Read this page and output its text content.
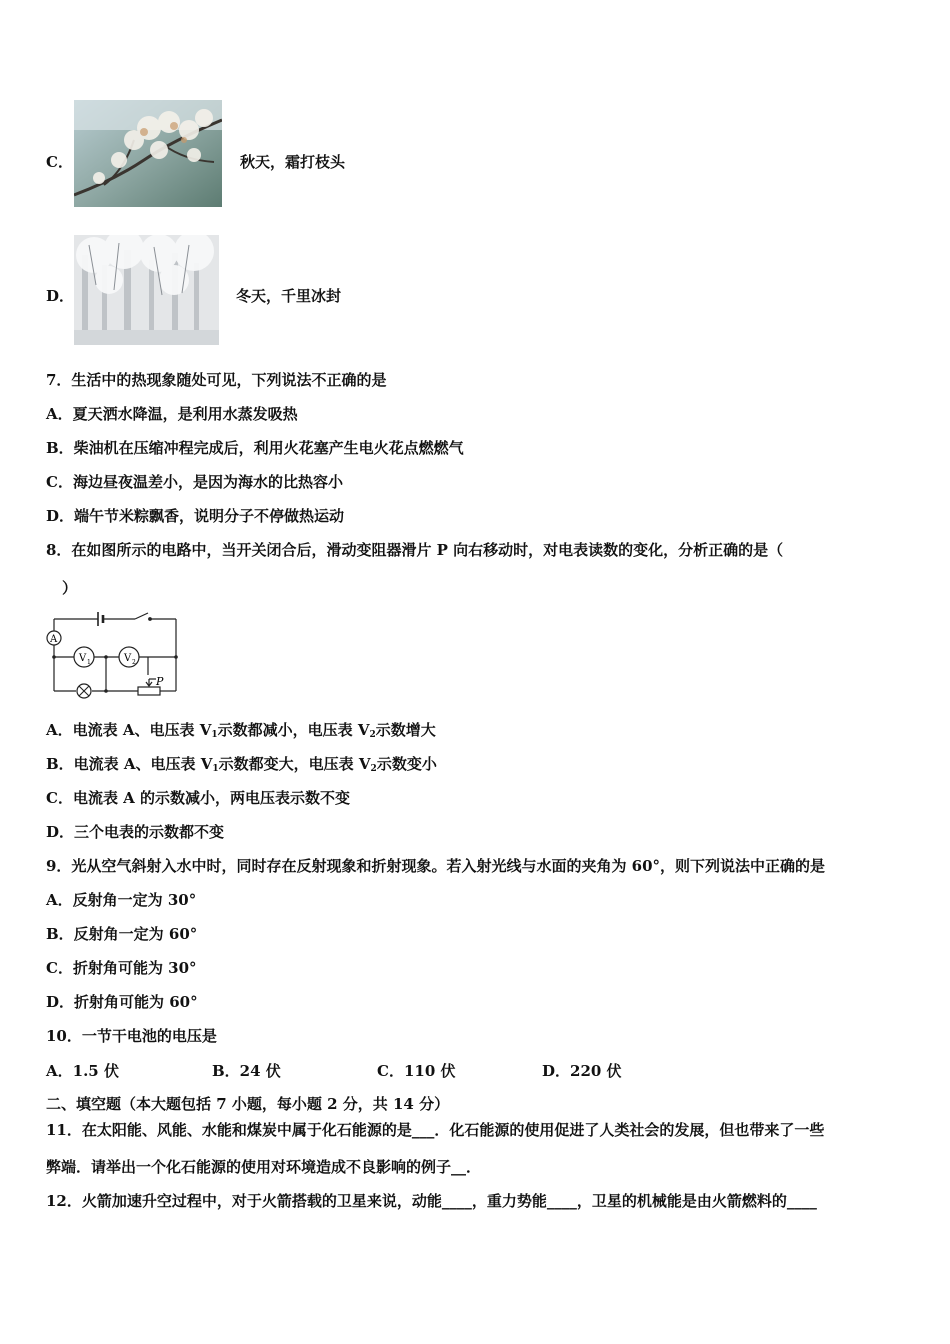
C．	秋天，霜打枝头
D．	冬天，千里冰封
7．生活中的热现象随处可见，下列说法不正确的是
A．夏天洒水降温，是利用水蒸发吸热
B．柴油机在压缩冲程完成后，利用火花塞产生电火花点燃燃气
C．海边昼夜温差小，是因为海水的比热容小
D．端午节米粽飘香，说明分子不停做热运动
8．在如图所示的电路中，当开关闭合后，滑动变阻器滑片 P 向右移动时，对电表读数的变化，分析正确的是（
）
A
V 1	V 2
P
A．电流表 A、电压表 $V_1$示数都减小，电压表 $V_2$示数增大
B．电流表 A、电压表 $V_1$示数都变大，电压表 $V_2$示数变小
C．电流表 A 的示数减小，两电压表示数不变
D．三个电表的示数都不变
9．光从空气斜射入水中时，同时存在反射现象和折射现象。若入射光线与水面的夹角为 60°，则下列说法中正确的是
A．反射角一定为 30°
B．反射角一定为 60°
C．折射角可能为 30°
D．折射角可能为 60°
10．一节干电池的电压是
A．1.5 伏	B．24 伏	C．110 伏	D．220 伏
二、填空题（本大题包括 7 小题，每小题 2 分，共 14 分）
11．在太阳能、风能、水能和煤炭中属于化石能源的是___．化石能源的使用促进了人类社会的发展，但也带来了一些
弊端．请举出一个化石能源的使用对环境造成不良影响的例子__．
12．火箭加速升空过程中，对于火箭搭载的卫星来说，动能____，重力势能____，卫星的机械能是由火箭燃料的____
